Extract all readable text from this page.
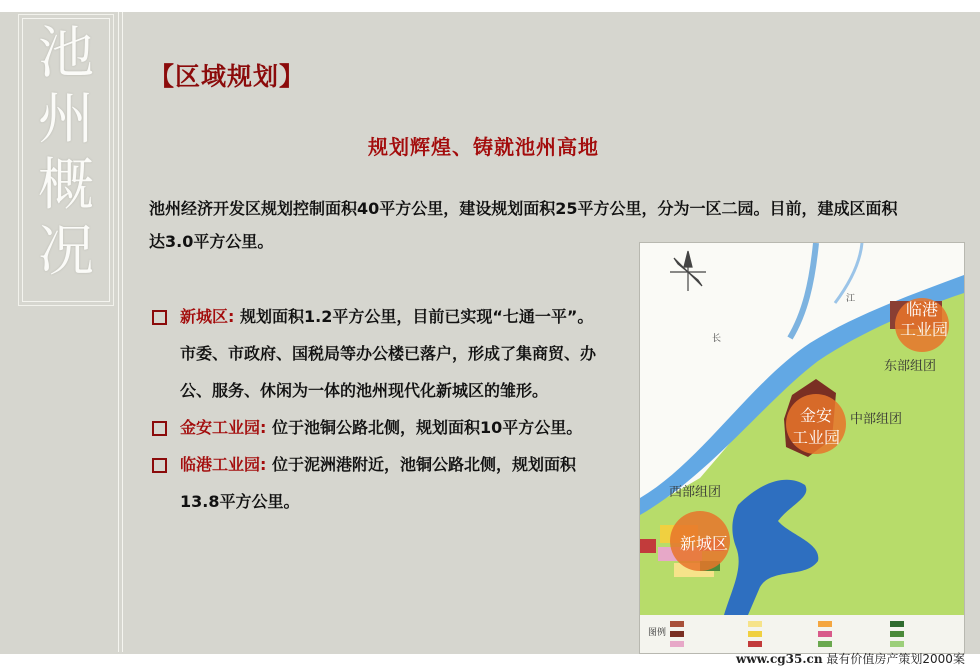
池
州
概
况
【区域规划】
规划辉煌、铸就池州高地
池州经济开发区规划控制面积40平方公里，建设规划面积25平方公里，分为一区二园。目前，建成区面积达3.0平方公里。
新城区: 规划面积1.2平方公里，目前已实现“七通一平”。市委、市政府、国税局等办公楼已落户，形成了集商贸、办公、服务、休闲为一体的池州现代化新城区的雏形。
金安工业园: 位于池铜公路北侧，规划面积10平方公里。
临港工业园: 位于泥洲港附近，池铜公路北侧，规划面积13.8平方公里。
江
长
东部组团
中部组团
西部组团
临港
工业园
金安
工业园
新城区
图例
www.cg35.cn 最有价值房产策划2000案
